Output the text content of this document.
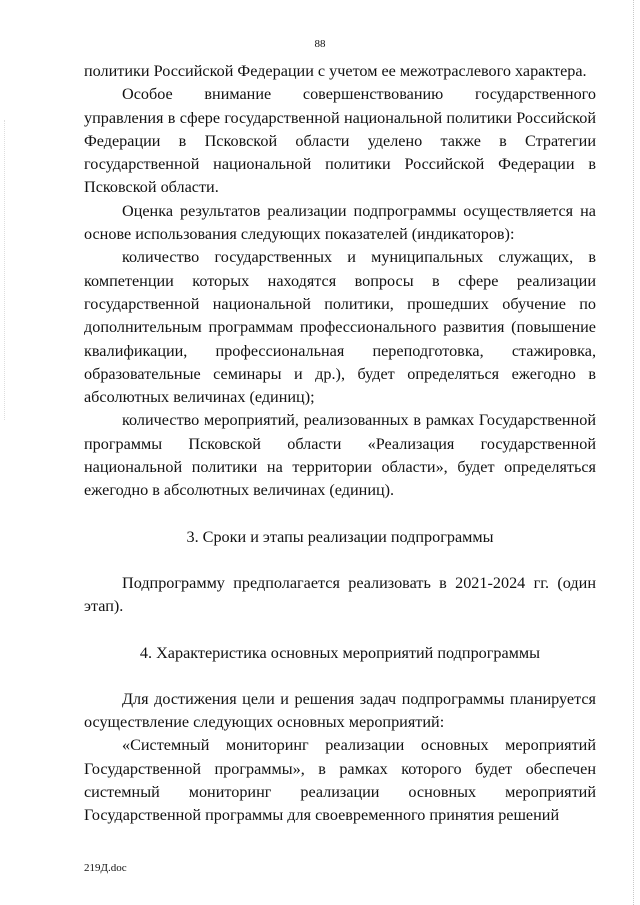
88

политики Российской Федерации с учетом ее межотраслевого характера.

Особое внимание совершенствованию государственного управления в сфере государственной национальной политики Российской Федерации в Псковской области уделено также в Стратегии государственной национальной политики Российской Федерации в Псковской области.

Оценка результатов реализации подпрограммы осуществляется на основе использования следующих показателей (индикаторов):

количество государственных и муниципальных служащих, в компетенции которых находятся вопросы в сфере реализации государственной национальной политики, прошедших обучение по дополнительным программам профессионального развития (повышение квалификации, профессиональная переподготовка, стажировка, образовательные семинары и др.), будет определяться ежегодно в абсолютных величинах (единиц);

количество мероприятий, реализованных в рамках Государственной программы Псковской области «Реализация государственной национальной политики на территории области», будет определяться ежегодно в абсолютных величинах (единиц).

3. Сроки и этапы реализации подпрограммы

Подпрограмму предполагается реализовать в 2021-2024 гг. (один этап).

4. Характеристика основных мероприятий подпрограммы

Для достижения цели и решения задач подпрограммы планируется осуществление следующих основных мероприятий:

«Системный мониторинг реализации основных мероприятий Государственной программы», в рамках которого будет обеспечен системный мониторинг реализации основных мероприятий Государственной программы для своевременного принятия решений

219Д.doc
